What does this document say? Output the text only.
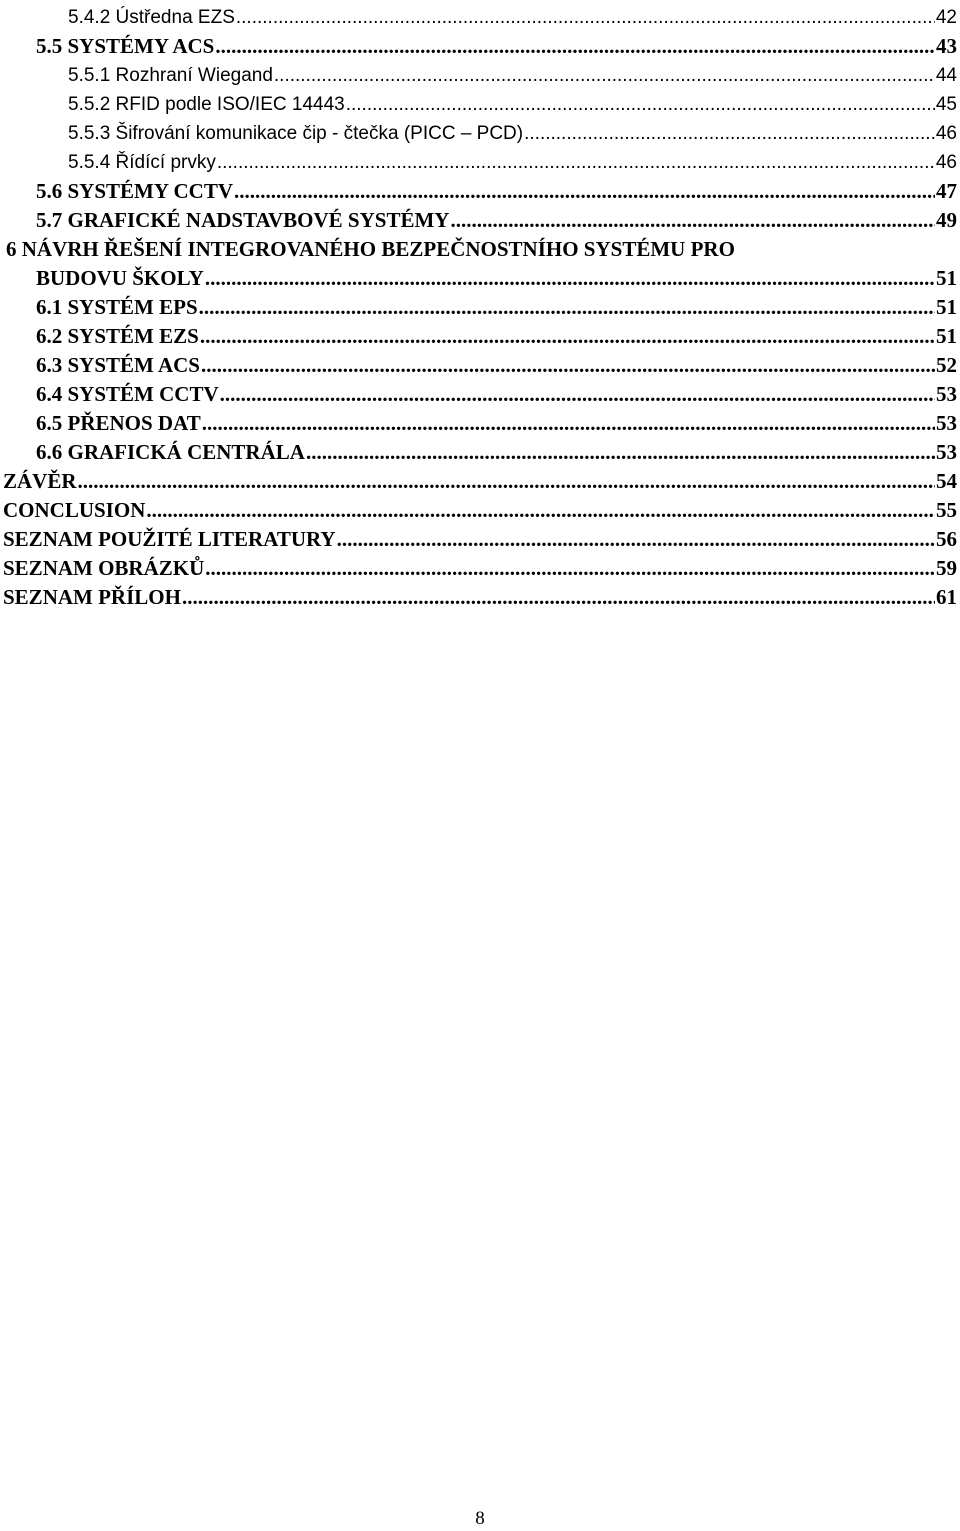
5.4.2 Ústředna EZS .....	42
5.5 SYSTÉMY ACS .....	43
5.5.1 Rozhraní Wiegand .....	44
5.5.2 RFID podle ISO/IEC 14443 .....	45
5.5.3 Šifrování komunikace čip - čtečka (PICC – PCD) .....	46
5.5.4 Řídící prvky .....	46
5.6 SYSTÉMY CCTV .....	47
5.7 GRAFICKÉ NADSTAVBOVÉ SYSTÉMY .....	49
6 NÁVRH ŘEŠENÍ INTEGROVANÉHO BEZPEČNOSTNÍHO SYSTÉMU PRO
BUDOVU ŠKOLY .....	51
6.1 SYSTÉM EPS .....	51
6.2 SYSTÉM EZS .....	51
6.3 SYSTÉM ACS .....	52
6.4 SYSTÉM CCTV .....	53
6.5 PŘENOS DAT .....	53
6.6 GRAFICKÁ CENTRÁLA .....	53
ZÁVĚR .....	54
CONCLUSION .....	55
SEZNAM POUŽITÉ LITERATURY .....	56
SEZNAM OBRÁZKŮ .....	59
SEZNAM PŘÍLOH .....	61
8
